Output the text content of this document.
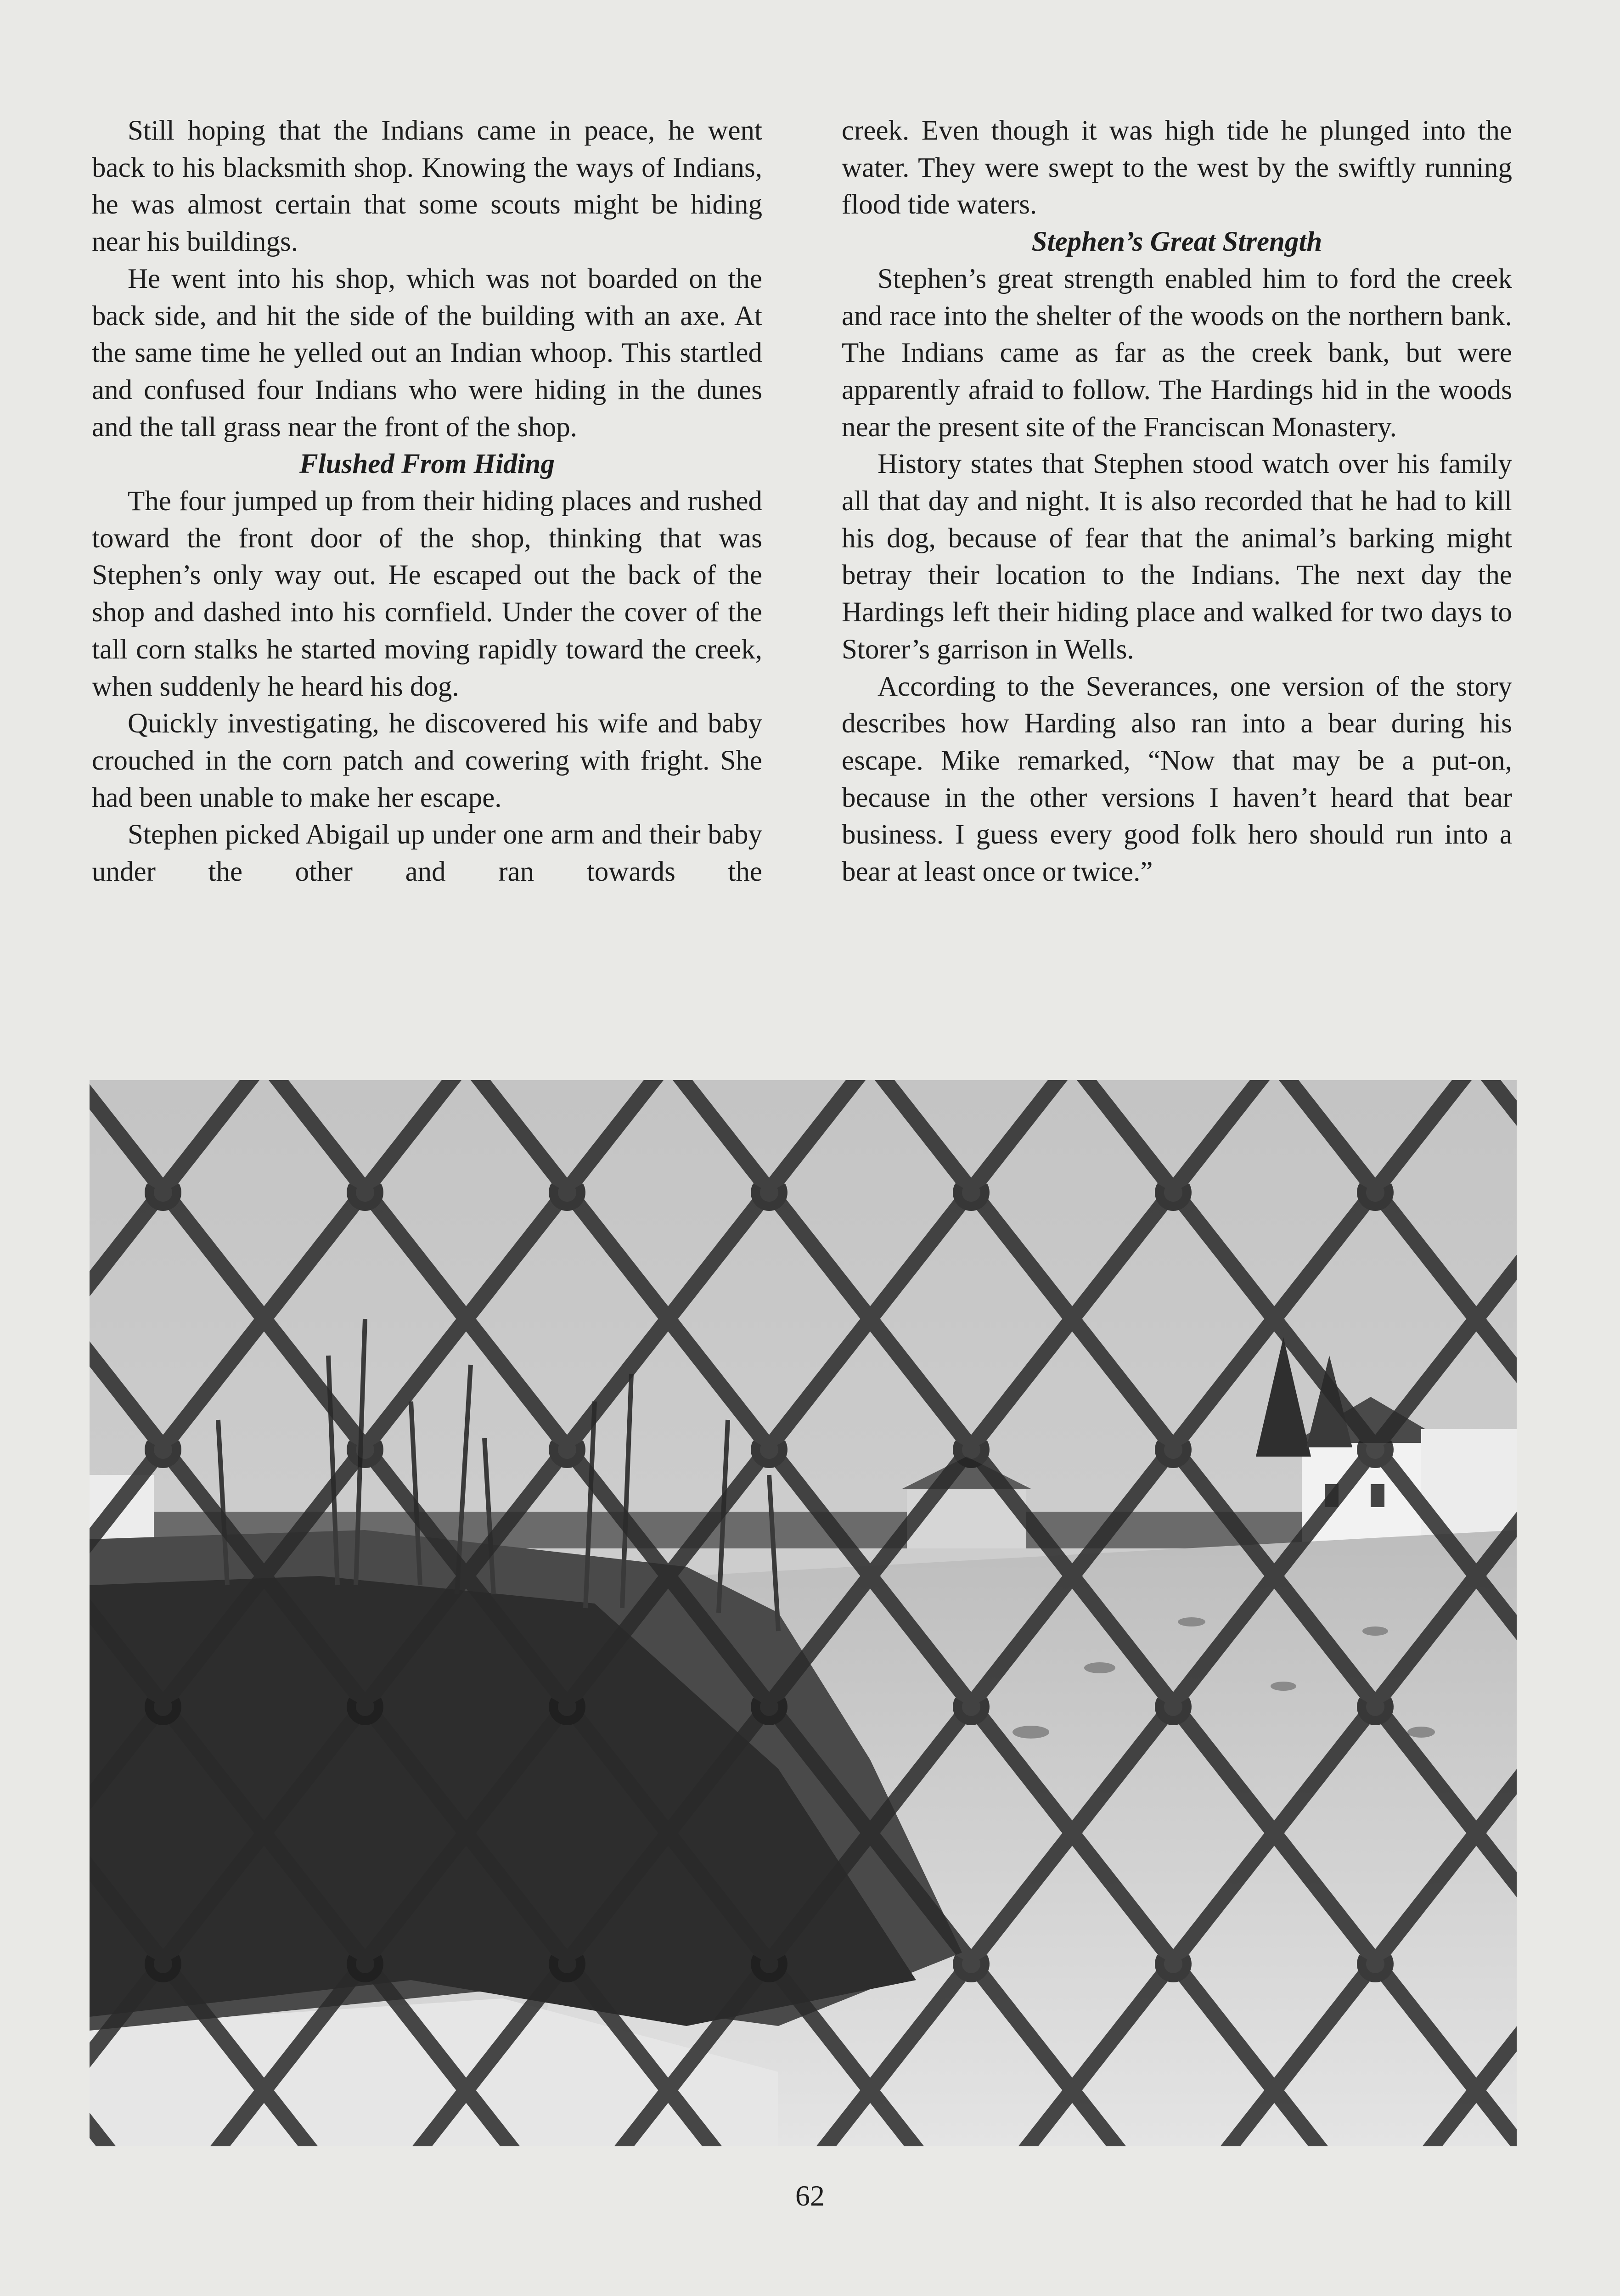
Still hoping that the Indians came in peace, he went back to his blacksmith shop. Knowing the ways of Indians, he was almost certain that some scouts might be hiding near his buildings.

He went into his shop, which was not boarded on the back side, and hit the side of the building with an axe. At the same time he yelled out an Indian whoop. This startled and confused four Indians who were hiding in the dunes and the tall grass near the front of the shop.

Flushed From Hiding

The four jumped up from their hiding places and rushed toward the front door of the shop, thinking that was Stephen’s only way out. He escaped out the back of the shop and dashed into his cornfield. Under the cover of the tall corn stalks he started moving rapidly toward the creek, when suddenly he heard his dog.

Quickly investigating, he discovered his wife and baby crouched in the corn patch and cowering with fright. She had been unable to make her escape.

Stephen picked Abigail up under one arm and their baby under the other and ran towards the

creek. Even though it was high tide he plunged into the water. They were swept to the west by the swiftly running flood tide waters.

Stephen’s Great Strength

Stephen’s great strength enabled him to ford the creek and race into the shelter of the woods on the northern bank. The Indians came as far as the creek bank, but were apparently afraid to follow. The Hardings hid in the woods near the present site of the Franciscan Monastery.

History states that Stephen stood watch over his family all that day and night. It is also recorded that he had to kill his dog, because of fear that the animal’s barking might betray their location to the Indians. The next day the Hardings left their hiding place and walked for two days to Storer’s garrison in Wells.

According to the Severances, one version of the story describes how Harding also ran into a bear during his escape. Mike remarked, “Now that may be a put-on, because in the other versions I haven’t heard that bear business. I guess every good folk hero should run into a bear at least once or twice.”

62
